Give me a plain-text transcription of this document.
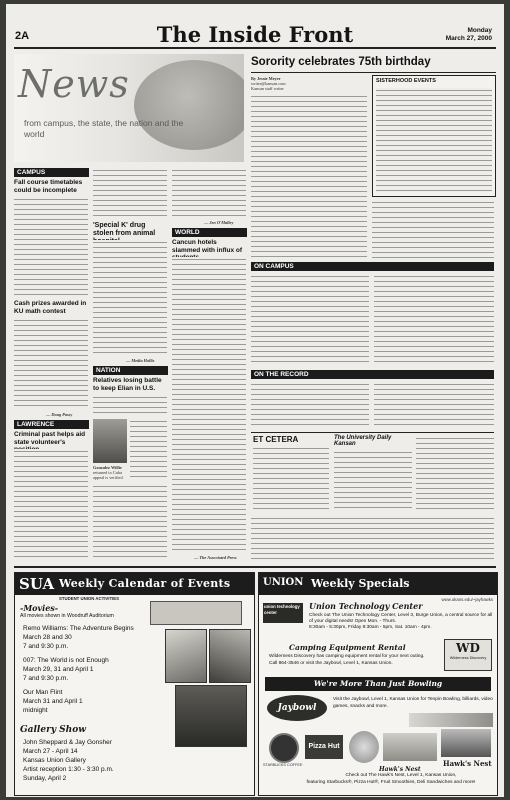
2A	The Inside Front	Monday
March 27, 2000
News
from campus, the state, the nation and the world
Sorority celebrates 75th birthday
By Jessie Meyer
writer@kansan.com
Kansan staff writer
SISTERHOOD EVENTS
CAMPUS
Fall course timetables could be incomplete
Cash prizes awarded in KU math contest
— Doug Passy
LAWRENCE
Criminal past helps aid state volunteer's
'Special K' drug stolen from animal
— Media Hollis
NATION
Relatives losing battle to keep Elian in U.S.
Gonzalez Willie
returned to Cuba
appeal is verified
— Jen O'Malley
WORLD
Cancun hotels slammed with influx of
— The Associated Press
ON CAMPUS
ON THE RECORD
ET CETERA	The University Daily Kansan
SUA Weekly Calendar of Events
STUDENT UNION ACTIVITIES
-Movies-
All movies shown in Woodruff Auditorium
Remo Williams: The Adventure Begins
March 28 and 30
7 and 9:30 p.m.
007: The World is not Enough
March 29, 31 and April 1
7 and 9:30 p.m.
Our Man Flint
March 31 and April 1
midnight
Gallery Show
John Sheppard & Jay Gonsher
March 27 - April 14
Kansas Union Gallery
Artist reception 1:30 - 3:30 p.m.
Sunday, April 2
UNION Weekly Specials
www.ukans.edu/~jayhawks
union technology center
Union Technology Center
Check out The Union Technology Center, Level 3, Burge Union, a central source for all of your digital needs! Open Mon. - Thurs.
8:30am - 5:30pm, Friday 8:30am - 5pm, Sat. 10am - 4pm.
Camping Equipment Rental
Wilderness Discovery has camping equipment rental for your next outing.
Call 864-3546 or visit the Jaybowl, Level 1, Kansas Union.
WD
Wilderness Discovery
We're More Than Just Bowling
Jaybowl
Visit the Jaybowl, Level 1, Kansas Union for Tenpin Bowling, billiards, video
games, snacks and more.
STARBUCKS COFFEE
Pizza Hut
Hawk's Nest
Check out The Hawk's Nest, Level 1, Kansas Union,
featuring Starbucks®, Pizza Hut®, Fruit Smoothies, Deli Sandwiches and more!
Hawk's Nest
